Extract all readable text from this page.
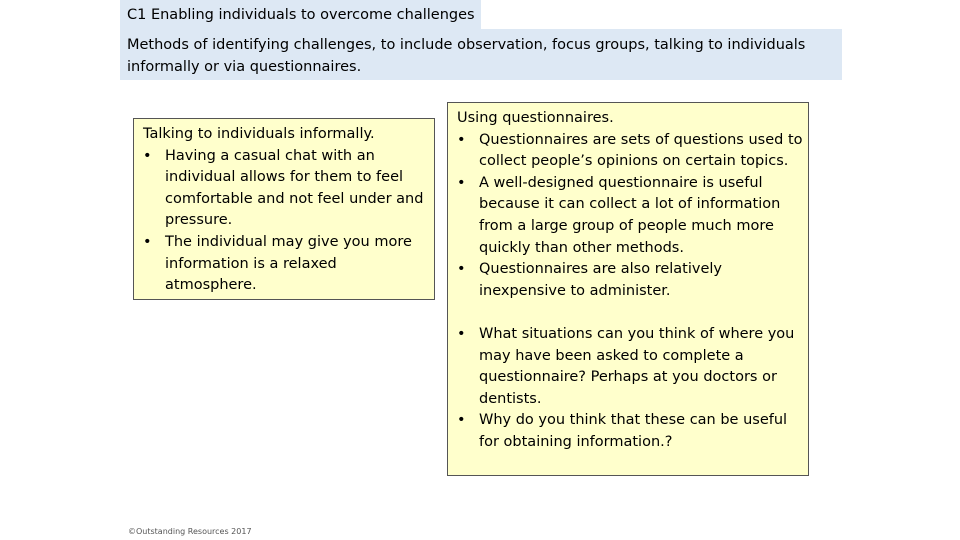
C1 Enabling individuals to overcome challenges
Methods of identifying challenges, to include observation, focus groups, talking to individuals informally or via questionnaires.

Talking to individuals informally.

• Having a casual chat with an individual allows for them to feel comfortable and not feel under and pressure.
• The individual may give you more information is a relaxed atmosphere.

Using questionnaires.

• Questionnaires are sets of questions used to collect people’s opinions on certain topics.
• A well-designed questionnaire is useful because it can collect a lot of information from a large group of people much more quickly than other methods.
• Questionnaires are also relatively inexpensive to administer.
• What situations can you think of where you may have been asked to complete a questionnaire? Perhaps at you doctors or dentists.
• Why do you think that these can be useful for obtaining information.?
©Outstanding Resources 2017
